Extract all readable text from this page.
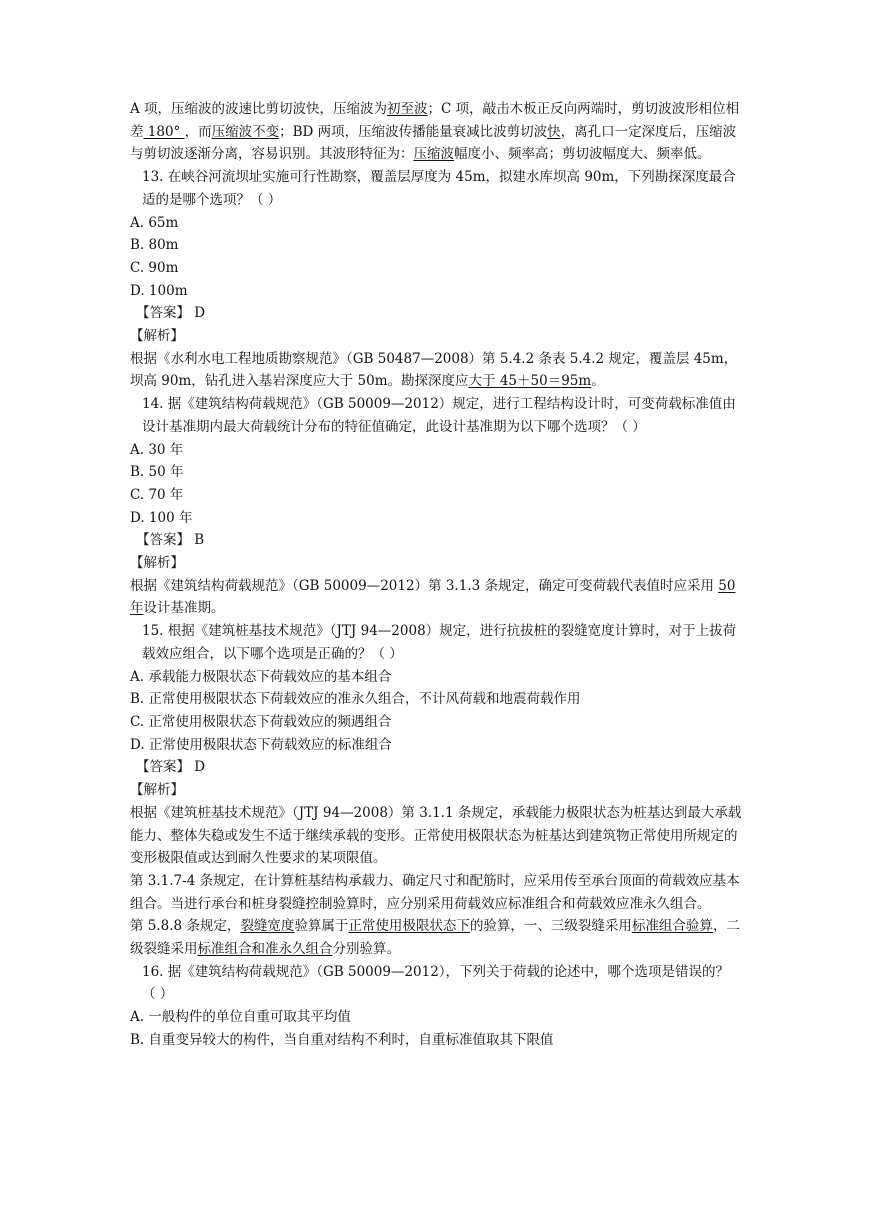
A 项，压缩波的波速比剪切波快，压缩波为初至波；C 项，敲击木板正反向两端时，剪切波波形相位相差 180° ，而压缩波不变；BD 两项，压缩波传播能量衰减比波剪切波快，离孔口一定深度后，压缩波与剪切波逐渐分离，容易识别。其波形特征为：压缩波幅度小、频率高；剪切波幅度大、频率低。

13. 在峡谷河流坝址实施可行性勘察，覆盖层厚度为 45m，拟建水库坝高 90m，下列勘探深度最合适的是哪个选项？（ ）

A. 65m

B. 80m

C. 90m

D. 100m

【答案】 D

【解析】

根据《水利水电工程地质勘察规范》（GB 50487—2008）第 5.4.2 条表 5.4.2 规定，覆盖层 45m，坝高 90m，钻孔进入基岩深度应大于 50m。勘探深度应大于 45＋50＝95m。

14. 据《建筑结构荷载规范》（GB 50009—2012）规定，进行工程结构设计时，可变荷载标准值由设计基准期内最大荷载统计分布的特征值确定，此设计基准期为以下哪个选项？（ ）

A. 30 年

B. 50 年

C. 70 年

D. 100 年

【答案】 B

【解析】

根据《建筑结构荷载规范》（GB 50009—2012）第 3.1.3 条规定，确定可变荷载代表值时应采用 50 年设计基准期。

15. 根据《建筑桩基技术规范》（JTJ 94—2008）规定，进行抗拔桩的裂缝宽度计算时，对于上拔荷载效应组合，以下哪个选项是正确的？（ ）

A. 承载能力极限状态下荷载效应的基本组合

B. 正常使用极限状态下荷载效应的准永久组合，不计风荷载和地震荷载作用

C. 正常使用极限状态下荷载效应的频遇组合

D. 正常使用极限状态下荷载效应的标准组合

【答案】 D

【解析】

根据《建筑桩基技术规范》（JTJ 94—2008）第 3.1.1 条规定，承载能力极限状态为桩基达到最大承载能力、整体失稳或发生不适于继续承载的变形。正常使用极限状态为桩基达到建筑物正常使用所规定的变形极限值或达到耐久性要求的某项限值。

第 3.1.7-4 条规定，在计算桩基结构承载力、确定尺寸和配筋时，应采用传至承台顶面的荷载效应基本组合。当进行承台和桩身裂缝控制验算时，应分别采用荷载效应标准组合和荷载效应准永久组合。

第 5.8.8 条规定，裂缝宽度验算属于正常使用极限状态下的验算，一、三级裂缝采用标准组合验算，二级裂缝采用标准组合和准永久组合分别验算。

16. 据《建筑结构荷载规范》（GB 50009—2012），下列关于荷载的论述中，哪个选项是错误的？（ ）

A. 一般构件的单位自重可取其平均值

B. 自重变异较大的构件，当自重对结构不利时，自重标准值取其下限值
